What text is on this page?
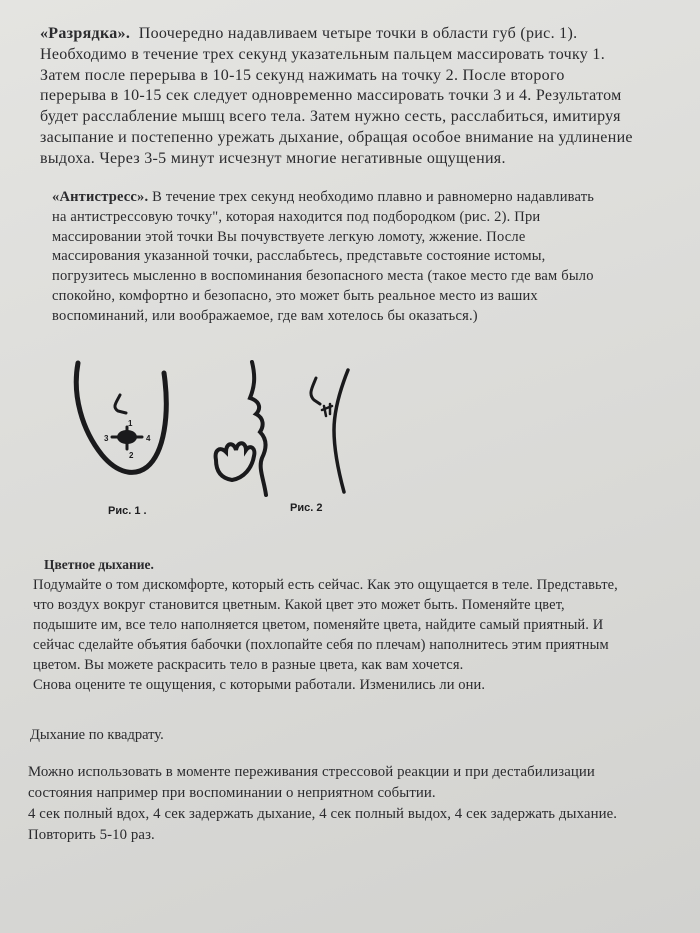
«Разрядка». Поочередно надавливаем четыре точки в области губ (рис. 1).
Необходимо в течение трех секунд указательным пальцем массировать точку 1.
Затем после перерыва в 10-15 секунд нажимать на точку 2. После второго
перерыва в 10-15 сек следует одновременно массировать точки 3 и 4. Результатом
будет расслабление мышц всего тела. Затем нужно сесть, расслабиться, имитируя
засыпание и постепенно урежать дыхание, обращая особое внимание на удлинение
выдоха. Через 3-5 минут исчезнут многие негативные ощущения.
«Антистресс». В течение трех секунд необходимо плавно и равномерно надавливать
на антистрессовую точку", которая находится под подбородком (рис. 2). При
массировании этой точки Вы почувствуете легкую ломоту, жжение. После
массирования указанной точки, расслабьтесь, представьте состояние истомы,
погрузитесь мысленно в воспоминания безопасного места (такое место где вам было
спокойно, комфортно и безопасно, это может быть реальное место из ваших
воспоминаний, или воображаемое, где вам хотелось бы оказаться.)
1
2
3	4
Рис. 1 .	Рис. 2
Цветное дыхание.
Подумайте о том дискомфорте, который есть сейчас. Как это ощущается в теле. Представьте,
что воздух вокруг становится цветным. Какой цвет это может быть. Поменяйте цвет,
подышите им, все тело наполняется цветом, поменяйте цвета, найдите самый приятный. И
сейчас сделайте объятия бабочки (похлопайте себя по плечам) наполнитесь этим приятным
цветом. Вы можете раскрасить тело в разные цвета, как вам хочется.
Снова оцените те ощущения, с которыми работали. Изменились ли они.
Дыхание по квадрату.
Можно использовать в моменте переживания стрессовой реакции и при дестабилизации
состояния например при воспоминании о неприятном событии.
4 сек полный вдох, 4 сек задержать дыхание, 4 сек полный выдох, 4 сек задержать дыхание.
Повторить 5-10 раз.
